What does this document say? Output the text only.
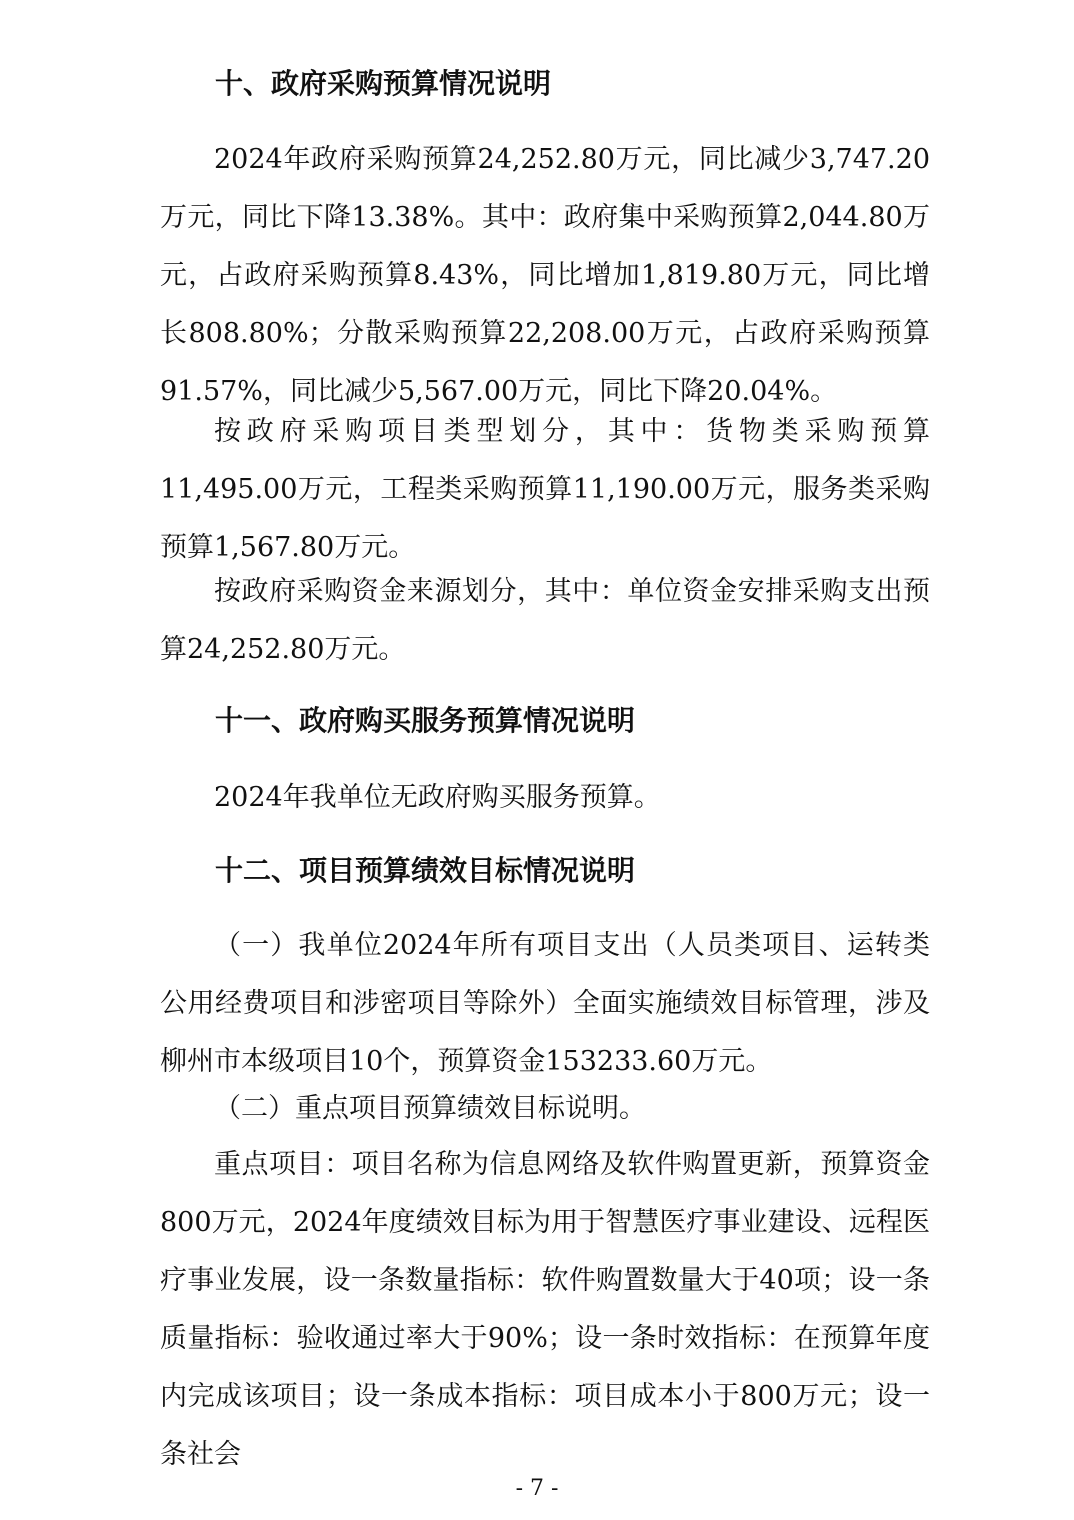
十、政府采购预算情况说明

2024年政府采购预算24,252.80万元，同比减少3,747.20万元，同比下降13.38%。其中：政府集中采购预算2,044.80万元，占政府采购预算8.43%，同比增加1,819.80万元，同比增长808.80%；分散采购预算22,208.00万元，占政府采购预算91.57%，同比减少5,567.00万元，同比下降20.04%。

按政府采购项目类型划分，其中：货物类采购预算11,495.00万元，工程类采购预算11,190.00万元，服务类采购预算1,567.80万元。

按政府采购资金来源划分，其中：单位资金安排采购支出预算24,252.80万元。

十一、政府购买服务预算情况说明

2024年我单位无政府购买服务预算。

十二、项目预算绩效目标情况说明

（一）我单位2024年所有项目支出（人员类项目、运转类公用经费项目和涉密项目等除外）全面实施绩效目标管理，涉及柳州市本级项目10个，预算资金153233.60万元。

（二）重点项目预算绩效目标说明。

重点项目：项目名称为信息网络及软件购置更新，预算资金800万元，2024年度绩效目标为用于智慧医疗事业建设、远程医疗事业发展，设一条数量指标：软件购置数量大于40项；设一条质量指标：验收通过率大于90%；设一条时效指标：在预算年度内完成该项目；设一条成本指标：项目成本小于800万元；设一条社会

- 7 -
